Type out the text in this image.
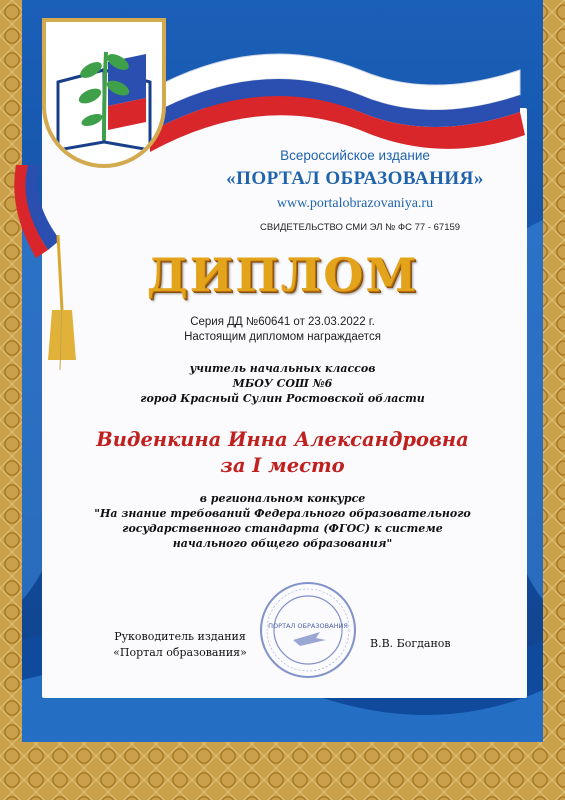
Всероссийское издание
«ПОРТАЛ ОБРАЗОВАНИЯ»
www.portalobrazovaniya.ru
СВИДЕТЕЛЬСТВО СМИ ЭЛ № ФС 77 - 67159
ДИПЛОМ
Серия ДД №60641 от 23.03.2022 г.
Настоящим дипломом награждается
учитель начальных классов
МБОУ СОШ №6
город Красный Сулин Ростовской области
Виденкина Инна Александровна
за I место
в региональном конкурсе
"На знание требований Федерального образовательного
государственного стандарта (ФГОС) к системе
начального общего образования"
ПОРТАЛ ОБРАЗОВАНИЯ
Руководитель издания
«Портал образования»
В.В. Богданов
